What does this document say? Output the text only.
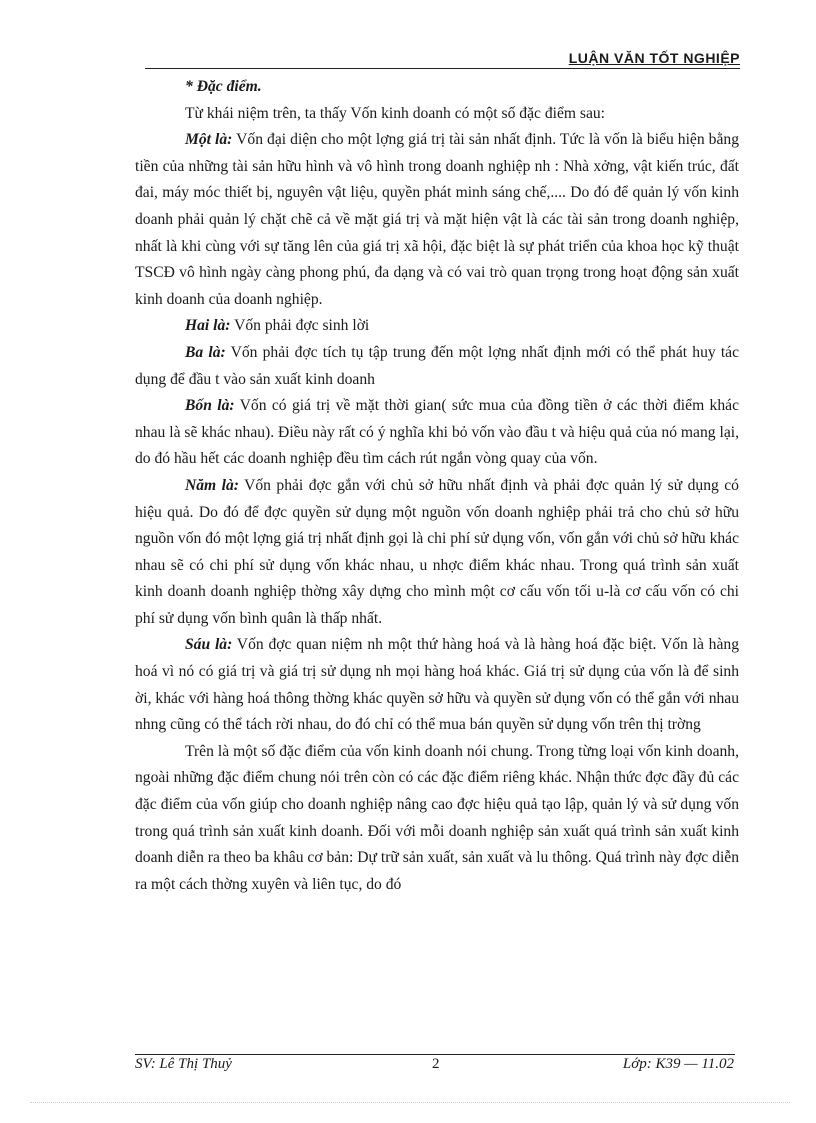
LUẬN VĂN TỐT NGHIỆP

* Đặc điểm.

Từ khái niệm trên, ta thấy Vốn kinh doanh có một số đặc điểm sau:

Một là: Vốn đại diện cho một lợng giá trị tài sản nhất định. Tức là vốn là biểu hiện bằng tiền của những tài sản hữu hình và vô hình trong doanh nghiệp nh : Nhà xởng, vật kiến trúc, đất đai, máy móc thiết bị, nguyên vật liệu, quyền phát minh sáng chế,.... Do đó để quản lý vốn kinh doanh phải quản lý chặt chẽ cả về mặt giá trị và mặt hiện vật là các tài sản trong doanh nghiệp, nhất là khi cùng với sự tăng lên của giá trị xã hội, đặc biệt là sự phát triển của khoa học kỹ thuật TSCĐ vô hình ngày càng phong phú, đa dạng và có vai trò quan trọng trong hoạt động sản xuất kinh doanh của doanh nghiệp.

Hai là: Vốn phải đợc sinh lời

Ba là: Vốn phải đợc tích tụ tập trung đến một lợng nhất định mới có thể phát huy tác dụng để đầu t vào sản xuất kinh doanh

Bốn là: Vốn có giá trị về mặt thời gian( sức mua của đồng tiền ở các thời điểm khác nhau là sẽ khác nhau). Điều này rất có ý nghĩa khi bỏ vốn vào đầu t và hiệu quả của nó mang lại, do đó hầu hết các doanh nghiệp đều tìm cách rút ngắn vòng quay của vốn.

Năm là: Vốn phải đợc gắn với chủ sở hữu nhất định và phải đợc quản lý sử dụng có hiệu quả. Do đó để đợc quyền sử dụng một nguồn vốn doanh nghiệp phải trả cho chủ sở hữu nguồn vốn đó một lợng giá trị nhất định gọi là chi phí sử dụng vốn, vốn gắn với chủ sở hữu khác nhau sẽ có chi phí sử dụng vốn khác nhau, u nhợc điểm khác nhau. Trong quá trình sản xuất kinh doanh doanh nghiệp thờng xây dựng cho mình một cơ cấu vốn tối u-là cơ cấu vốn có chi phí sử dụng vốn bình quân là thấp nhất.

Sáu là: Vốn đợc quan niệm nh một thứ hàng hoá và là hàng hoá đặc biệt. Vốn là hàng hoá vì nó có giá trị và giá trị sử dụng nh mọi hàng hoá khác. Giá trị sử dụng của vốn là để sinh ời, khác với hàng hoá thông thờng khác quyền sở hữu và quyền sử dụng vốn có thể gắn với nhau nhng cũng có thể tách rời nhau, do đó chỉ có thể mua bán quyền sử dụng vốn trên thị trờng

Trên là một số đặc điểm của vốn kinh doanh nói chung. Trong từng loại vốn kinh doanh, ngoài những đặc điểm chung nói trên còn có các đặc điểm riêng khác. Nhận thức đợc đầy đủ các đặc điểm của vốn giúp cho doanh nghiệp nâng cao đợc hiệu quả tạo lập, quản lý và sử dụng vốn trong quá trình sản xuất kinh doanh. Đối với mỗi doanh nghiệp sản xuất quá trình sản xuất kinh doanh diễn ra theo ba khâu cơ bản: Dự trữ sản xuất, sản xuất và lu thông. Quá trình này đợc diễn ra một cách thờng xuyên và liên tục, do đó

SV: Lê Thị Thuỷ	2	Lớp: K39 — 11.02
